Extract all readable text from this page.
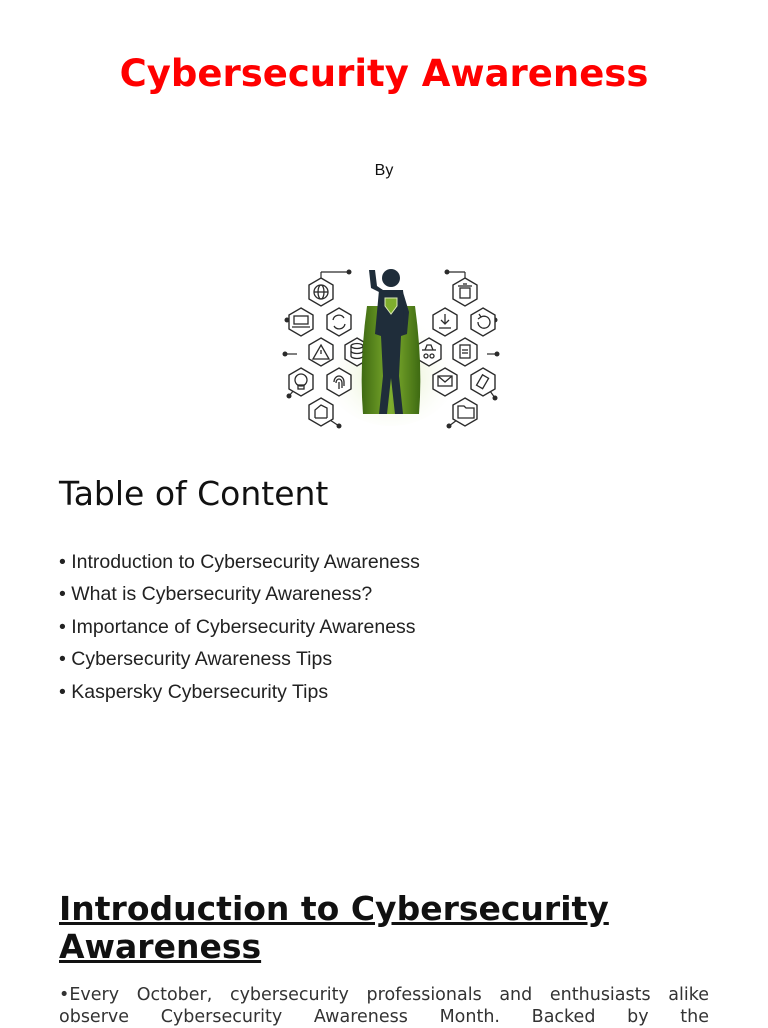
Cybersecurity Awareness
By
Table of Content
• Introduction to Cybersecurity Awareness
• What is Cybersecurity Awareness?
• Importance of Cybersecurity Awareness
• Cybersecurity Awareness Tips
• Kaspersky Cybersecurity Tips
Introduction to Cybersecurity Awareness

•Every October, cybersecurity professionals and enthusiasts alike observe Cybersecurity Awareness Month. Backed by the
